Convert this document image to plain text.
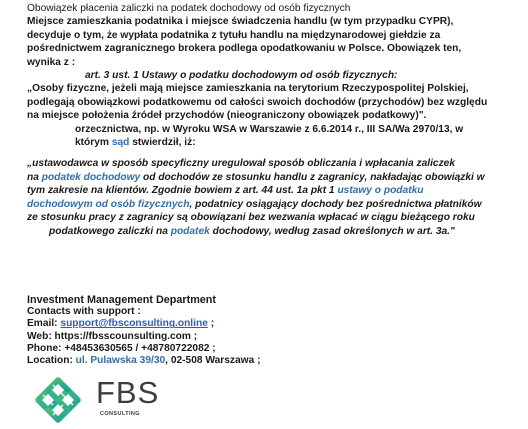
Obowiązek płacenia zaliczki na podatek dochodowy od osób fizycznych

Miejsce zamieszkania podatnika i miejsce świadczenia handlu (w tym przypadku CYPR),

decyduje o tym, że wypłata podatnika z tytułu handlu na międzynarodowej giełdzie za

pośrednictwem zagranicznego brokera podlega opodatkowaniu w Polsce. Obowiązek ten,

wynika z :

art. 3 ust. 1 Ustawy o podatku dochodowym od osób fizycznych:

„Osoby fizyczne, jeżeli mają miejsce zamieszkania na terytorium Rzeczypospolitej Polskiej,

podlegają obowiązkowi podatkowemu od całości swoich dochodów (przychodów) bez względu

na miejsce położenia źródeł przychodów (nieograniczony obowiązek podatkowy)".

orzecznictwa, np. w Wyroku WSA w Warszawie z 6.6.2014 r., III SA/Wa 2970/13, w

którym sąd stwierdził, iż:

„ustawodawca w sposób specyficzny uregulował sposób obliczania i wpłacania zaliczek

na podatek dochodowy od dochodów ze stosunku handlu z zagranicy, nakładając obowiązki w

tym zakresie na klientów. Zgodnie bowiem z art. 44 ust. 1a pkt 1 ustawy o podatku

dochodowym od osób fizycznych, podatnicy osiągający dochody bez pośrednictwa płatników

ze stosunku pracy z zagranicy są obowiązani bez wezwania wpłacać w ciągu bieżącego roku

podatkowego zaliczki na podatek dochodowy, według zasad określonych w art. 3a."

Investment Management Department
Contacts with support :
Email: support@fbsconsulting.online ;
Web: https://fbsscounsulting.com ;
Phone: +48453630565 / +48780722082 ;
Location: ul. Pulawska 39/30, 02-508 Warszawa ;
FBS
CONSULTING
